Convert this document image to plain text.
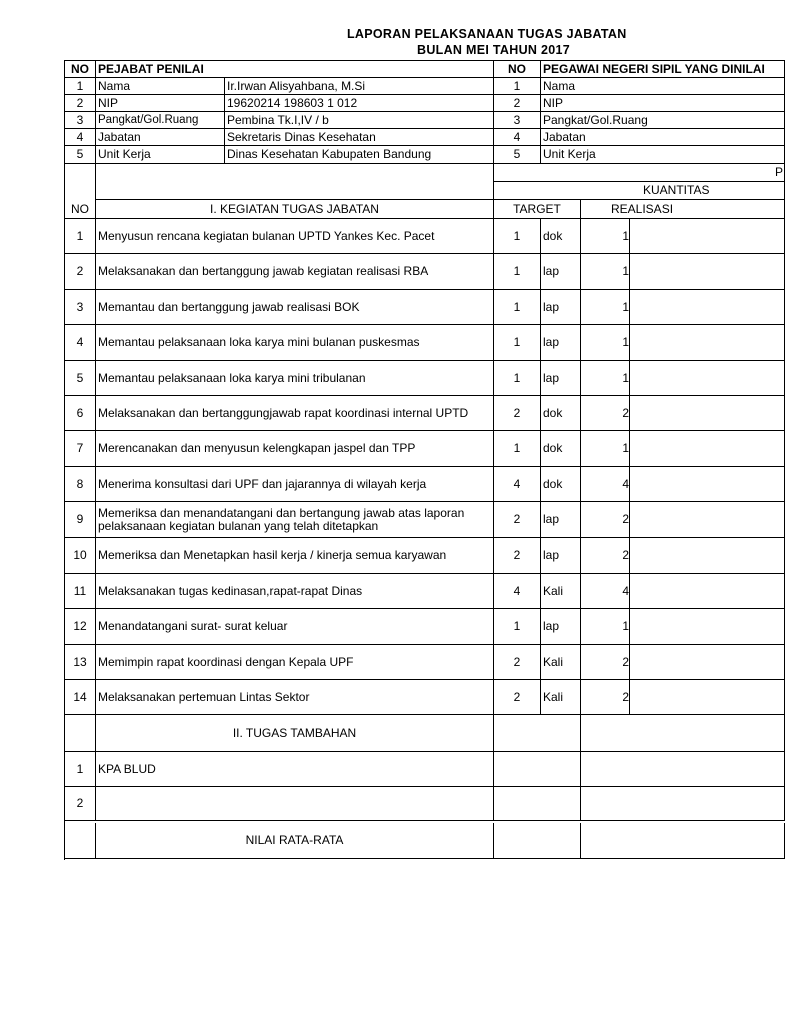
LAPORAN PELAKSANAAN TUGAS JABATAN
BULAN MEI TAHUN 2017
NO PEJABAT PENILAI	NO	PEGAWAI NEGERI SIPIL YANG DINILAI
1	Nama	Ir.Irwan Alisyahbana, M.Si	1	Nama
2	NIP	19620214 198603 1 012	2	NIP
3	Pangkat/Gol.Ruang	Pembina Tk.I,IV / b	3	Pangkat/Gol.Ruang
4	Jabatan	Sekretaris Dinas Kesehatan	4	Jabatan
5	Unit Kerja	Dinas Kesehatan Kabupaten Bandung	5	Unit Kerja
P
KUANTITAS
NO	I. KEGIATAN TUGAS JABATAN	TARGET	REALISASI
1	Menyusun rencana kegiatan bulanan UPTD Yankes Kec. Pacet	1	dok	1
2	Melaksanakan dan bertanggung jawab kegiatan realisasi RBA	1	lap	1
3	Memantau dan bertanggung jawab realisasi BOK	1	lap	1
4	Memantau pelaksanaan loka karya mini bulanan puskesmas	1	lap	1
5	Memantau pelaksanaan loka karya mini tribulanan	1	lap	1
6	Melaksanakan dan bertanggungjawab rapat koordinasi internal UPTD	2	dok	2
7	Merencanakan dan menyusun kelengkapan jaspel dan TPP	1	dok	1
8	Menerima konsultasi dari UPF dan jajarannya di wilayah kerja	4	dok	4
9	Memeriksa dan menandatangani dan bertangung jawab atas laporan pelaksanaan kegiatan bulanan yang telah ditetapkan	2	lap	2
10 Memeriksa dan Menetapkan hasil kerja / kinerja semua karyawan	2	lap	2
11 Melaksanakan tugas kedinasan,rapat-rapat Dinas	4	Kali	4
12 Menandatangani surat- surat keluar	1	lap	1
13 Memimpin rapat koordinasi dengan Kepala UPF	2	Kali	2
14 Melaksanakan pertemuan Lintas Sektor	2	Kali	2
II. TUGAS TAMBAHAN
1	KPA BLUD
2
NILAI RATA-RATA
